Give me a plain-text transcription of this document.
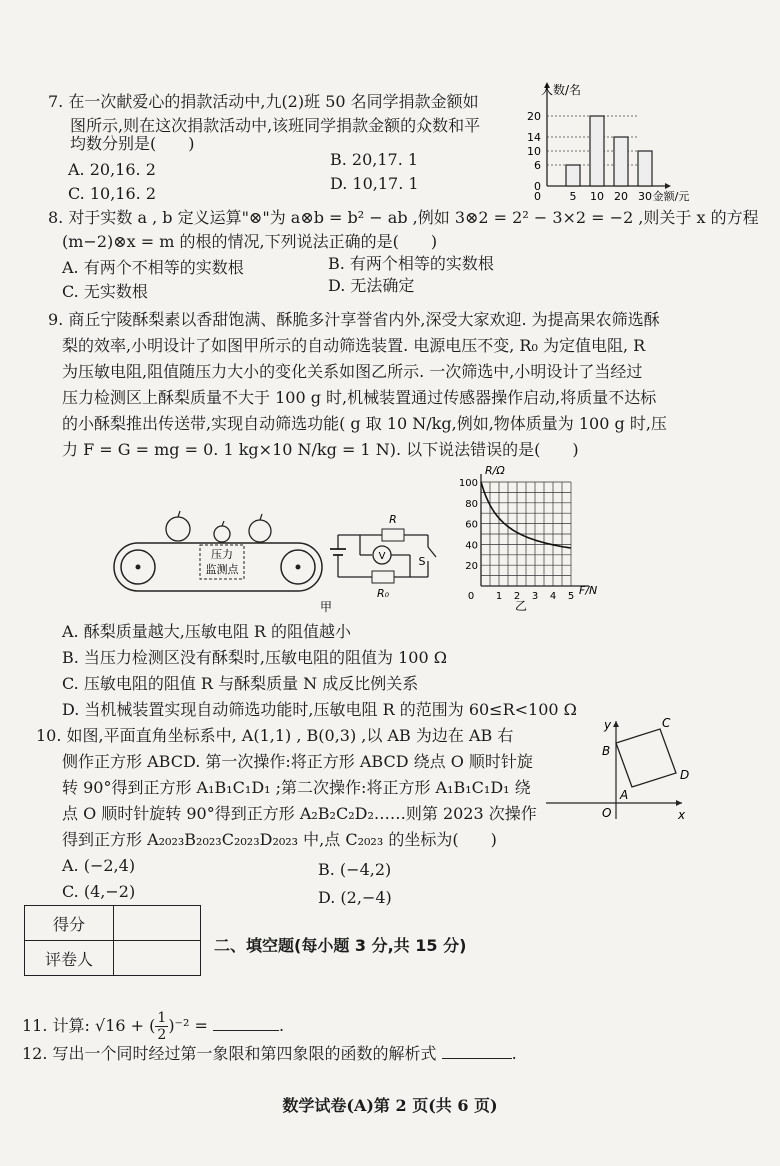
7. 在一次献爱心的捐款活动中,九(2)班 50 名同学捐款金额如
图所示,则在这次捐款活动中,该班同学捐款金额的众数和平
均数分别是(　　)
A. 20,16. 2
B. 20,17. 1
C. 10,16. 2
D. 10,17. 1
人数/名
0
6
10
14
20
5 10 20 30
0	金额/元
8. 对于实数 a , b 定义运算"⊗"为 a⊗b = b² − ab ,例如 3⊗2 = 2² − 3×2 = −2 ,则关于 x 的方程
(m−2)⊗x = m 的根的情况,下列说法正确的是(　　)
A. 有两个不相等的实数根	B. 有两个相等的实数根
C. 无实数根	D. 无法确定
9. 商丘宁陵酥梨素以香甜饱满、酥脆多汁享誉省内外,深受大家欢迎. 为提高果农筛选酥
梨的效率,小明设计了如图甲所示的自动筛选装置. 电源电压不变, R₀ 为定值电阻, R
为压敏电阻,阻值随压力大小的变化关系如图乙所示. 一次筛选中,小明设计了当经过
压力检测区上酥梨质量不大于 100 g 时,机械装置通过传感器操作启动,将质量不达标
的小酥梨推出传送带,实现自动筛选功能( g 取 10 N/kg,例如,物体质量为 100 g 时,压
力 F = G = mg = 0. 1 kg×10 N/kg = 1 N). 以下说法错误的是(　　)
压力
监测点
R
S
R₀
V
甲
100
80
60
40
20
0 1 2 3 4 5
R/Ω
F/N
乙
A. 酥梨质量越大,压敏电阻 R 的阻值越小
B. 当压力检测区没有酥梨时,压敏电阻的阻值为 100 Ω
C. 压敏电阻的阻值 R 与酥梨质量 N 成反比例关系
D. 当机械装置实现自动筛选功能时,压敏电阻 R 的范围为 60≤R<100 Ω
10. 如图,平面直角坐标系中, A(1,1) , B(0,3) ,以 AB 为边在 AB 右
侧作正方形 ABCD. 第一次操作:将正方形 ABCD 绕点 O 顺时针旋
转 90°得到正方形 A₁B₁C₁D₁ ;第二次操作:将正方形 A₁B₁C₁D₁ 绕
点 O 顺时针旋转 90°得到正方形 A₂B₂C₂D₂……则第 2023 次操作
得到正方形 A₂₀₂₃B₂₀₂₃C₂₀₂₃D₂₀₂₃ 中,点 C₂₀₂₃ 的坐标为(　　)
A. (−2,4)	B. (−4,2)
C. (4,−2)	D. (2,−4)
y
x
O
A
B
C
D
得分	
评卷人	
二、填空题(每小题 3 分,共 15 分)
11. 计算: √16 + ( $\frac{1}{2} )^{-2}$ =	.
12. 写出一个同时经过第一象限和第四象限的函数的解析式	.
数学试卷(A)第 2 页(共 6 页)
